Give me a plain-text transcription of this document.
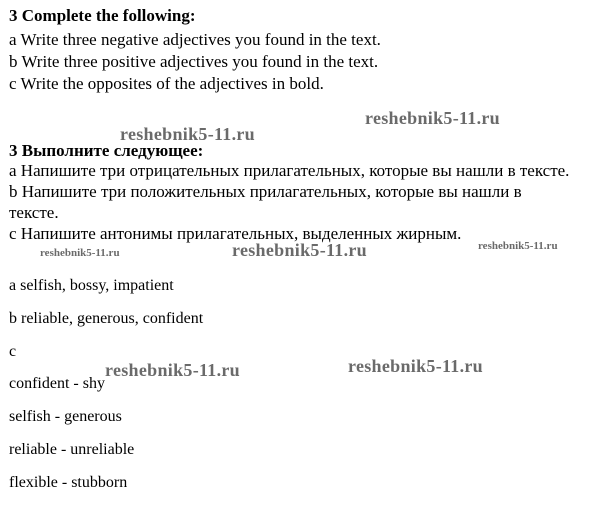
3 Complete the following:
a Write three negative adjectives you found in the text.
b Write three positive adjectives you found in the text.
c Write the opposites of the adjectives in bold.
reshebnik5-11.ru
reshebnik5-11.ru
3 Выполните следующее:
a Напишите три отрицательных прилагательных, которые вы нашли в тексте.
b Напишите три положительных прилагательных, которые вы нашли в
тексте.
c Напишите антонимы прилагательных, выделенных жирным.
reshebnik5-11.ru	reshebnik5-11.ru	reshebnik5-11.ru
a selfish, bossy, impatient
b reliable, generous, confident
c
reshebnik5-11.ru	reshebnik5-11.ru
confident - shy
selfish - generous
reliable - unreliable
flexible - stubborn
